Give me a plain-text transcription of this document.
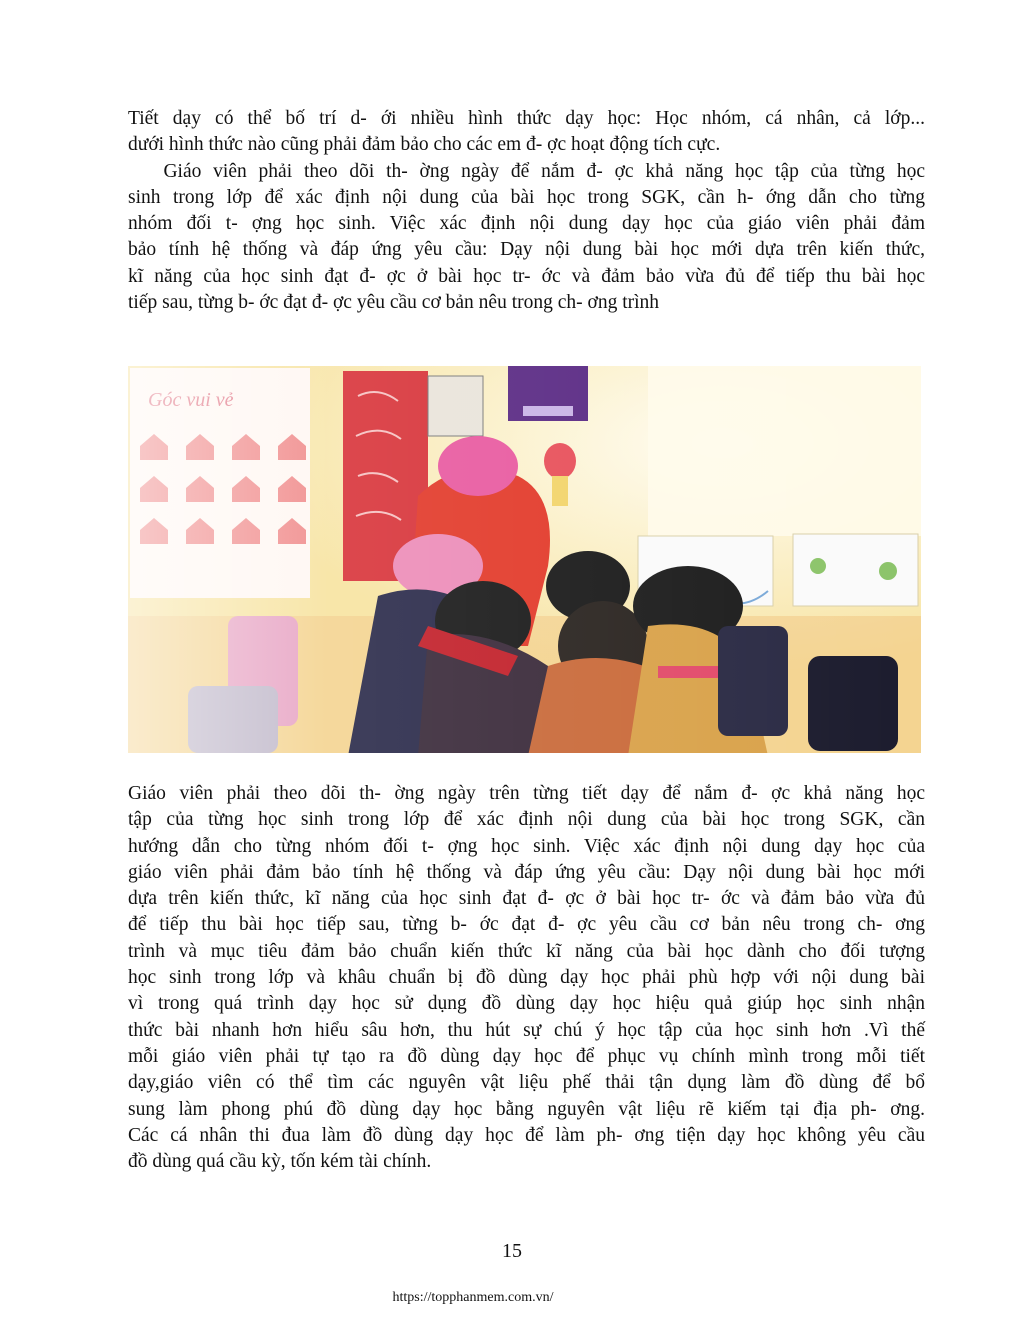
Tiết dạy có thể bố trí d- ới nhiều hình thức dạy học: Học nhóm, cá nhân, cả lớp...
dưới hình thức nào cũng phải đảm bảo cho các em đ- ợc hoạt động tích cực.
Giáo viên phải theo dõi th- ờng ngày để nắm đ- ợc khả năng học tập của từng học
sinh trong lớp để xác định nội dung của bài học trong SGK, cần h- ớng dẫn cho từng
nhóm đối t- ợng học sinh. Việc xác định nội dung dạy học của giáo viên phải đảm
bảo tính hệ thống và đáp ứng yêu cầu: Dạy nội dung bài học mới dựa trên kiến thức,
kĩ năng của học sinh đạt đ- ợc ở bài học tr- ớc và đảm bảo vừa đủ để tiếp thu bài học
tiếp sau, từng b- ớc đạt đ- ợc yêu cầu cơ bản nêu trong ch- ơng trình
Giáo viên phải theo dõi th- ờng ngày trên từng tiết dạy để nắm đ- ợc khả năng học
tập của từng học sinh trong lớp để xác định nội dung của bài học trong SGK, cần
hướng dẫn cho từng nhóm đối t- ợng học sinh. Việc xác định nội dung dạy học của
giáo viên phải đảm bảo tính hệ thống và đáp ứng yêu cầu: Dạy nội dung bài học mới
dựa trên kiến thức, kĩ năng của học sinh đạt đ- ợc ở bài học tr- ớc và đảm bảo vừa đủ
để tiếp thu bài học tiếp sau, từng b- ớc đạt đ- ợc yêu cầu cơ bản nêu trong ch- ơng
trình và mục tiêu đảm bảo chuẩn kiến thức kĩ năng của bài học dành cho đối tượng
học sinh trong lớp và khâu chuẩn bị đồ dùng dạy học phải phù hợp với nội dung bài
vì trong quá trình dạy học sử dụng đồ dùng dạy học hiệu quả giúp học sinh nhận
thức bài nhanh hơn hiểu sâu hơn, thu hút sự chú ý học tập của học sinh hơn .Vì thế
mỗi giáo viên phải tự tạo ra đồ dùng dạy học để phục vụ chính mình trong mỗi tiết
dạy,giáo viên có thể tìm các nguyên vật liệu phế thải tận dụng làm đồ dùng để bổ
sung làm phong phú đồ dùng dạy học bằng nguyên vật liệu rẽ kiếm tại địa ph- ơng.
Các cá nhân thi đua làm đồ dùng dạy học để làm ph- ơng tiện dạy học không yêu cầu
đồ dùng quá cầu kỳ, tốn kém tài chính.
15
https://topphanmem.com.vn/
